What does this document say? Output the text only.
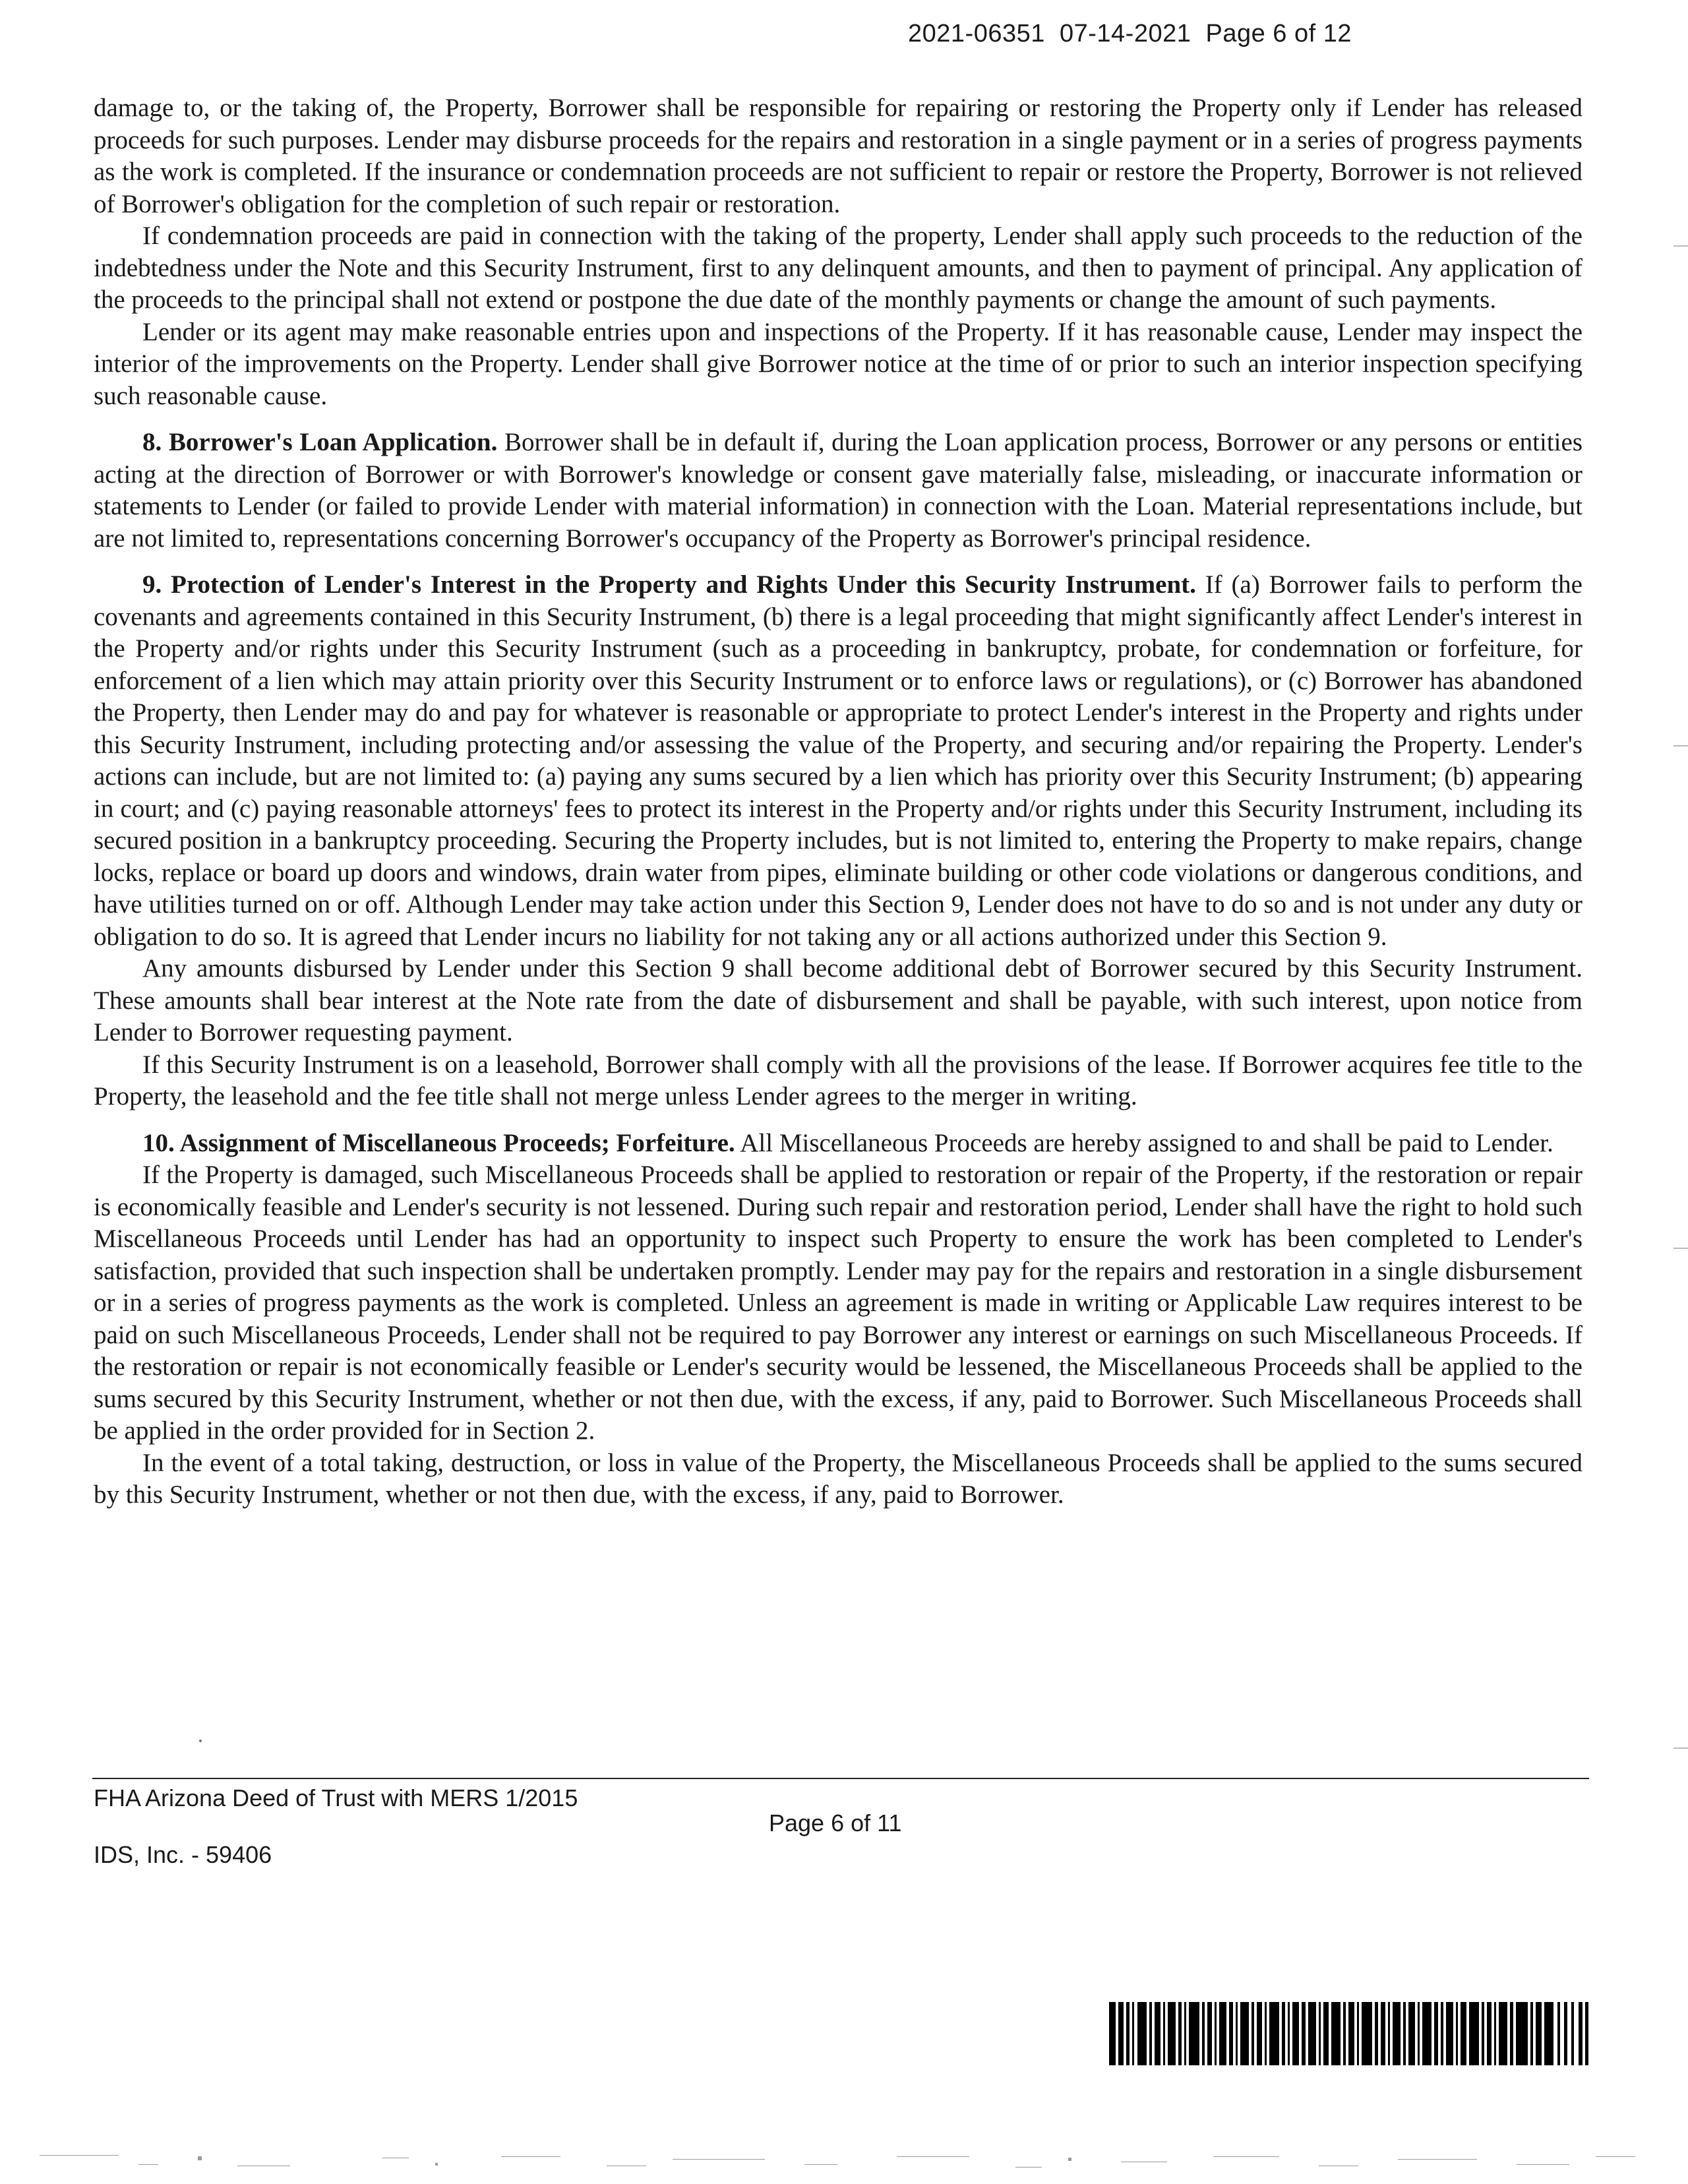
2021-06351  07-14-2021  Page 6 of 12

damage to, or the taking of, the Property, Borrower shall be responsible for repairing or restoring the Property only if Lender has released proceeds for such purposes. Lender may disburse proceeds for the repairs and restoration in a single payment or in a series of progress payments as the work is completed. If the insurance or condemnation proceeds are not sufficient to repair or restore the Property, Borrower is not relieved of Borrower's obligation for the completion of such repair or restoration.

If condemnation proceeds are paid in connection with the taking of the property, Lender shall apply such proceeds to the reduction of the indebtedness under the Note and this Security Instrument, first to any delinquent amounts, and then to payment of principal. Any application of the proceeds to the principal shall not extend or postpone the due date of the monthly payments or change the amount of such payments.

Lender or its agent may make reasonable entries upon and inspections of the Property. If it has reasonable cause, Lender may inspect the interior of the improvements on the Property. Lender shall give Borrower notice at the time of or prior to such an interior inspection specifying such reasonable cause.

8. Borrower's Loan Application. Borrower shall be in default if, during the Loan application process, Borrower or any persons or entities acting at the direction of Borrower or with Borrower's knowledge or consent gave materially false, misleading, or inaccurate information or statements to Lender (or failed to provide Lender with material information) in connection with the Loan. Material representations include, but are not limited to, representations concerning Borrower's occupancy of the Property as Borrower's principal residence.

9. Protection of Lender's Interest in the Property and Rights Under this Security Instrument. If (a) Borrower fails to perform the covenants and agreements contained in this Security Instrument, (b) there is a legal proceeding that might significantly affect Lender's interest in the Property and/or rights under this Security Instrument (such as a proceeding in bankruptcy, probate, for condemnation or forfeiture, for enforcement of a lien which may attain priority over this Security Instrument or to enforce laws or regulations), or (c) Borrower has abandoned the Property, then Lender may do and pay for whatever is reasonable or appropriate to protect Lender's interest in the Property and rights under this Security Instrument, including protecting and/or assessing the value of the Property, and securing and/or repairing the Property. Lender's actions can include, but are not limited to: (a) paying any sums secured by a lien which has priority over this Security Instrument; (b) appearing in court; and (c) paying reasonable attorneys' fees to protect its interest in the Property and/or rights under this Security Instrument, including its secured position in a bankruptcy proceeding. Securing the Property includes, but is not limited to, entering the Property to make repairs, change locks, replace or board up doors and windows, drain water from pipes, eliminate building or other code violations or dangerous conditions, and have utilities turned on or off. Although Lender may take action under this Section 9, Lender does not have to do so and is not under any duty or obligation to do so. It is agreed that Lender incurs no liability for not taking any or all actions authorized under this Section 9.

Any amounts disbursed by Lender under this Section 9 shall become additional debt of Borrower secured by this Security Instrument. These amounts shall bear interest at the Note rate from the date of disbursement and shall be payable, with such interest, upon notice from Lender to Borrower requesting payment.

If this Security Instrument is on a leasehold, Borrower shall comply with all the provisions of the lease. If Borrower acquires fee title to the Property, the leasehold and the fee title shall not merge unless Lender agrees to the merger in writing.

10. Assignment of Miscellaneous Proceeds; Forfeiture. All Miscellaneous Proceeds are hereby assigned to and shall be paid to Lender.

If the Property is damaged, such Miscellaneous Proceeds shall be applied to restoration or repair of the Property, if the restoration or repair is economically feasible and Lender's security is not lessened. During such repair and restoration period, Lender shall have the right to hold such Miscellaneous Proceeds until Lender has had an opportunity to inspect such Property to ensure the work has been completed to Lender's satisfaction, provided that such inspection shall be undertaken promptly. Lender may pay for the repairs and restoration in a single disbursement or in a series of progress payments as the work is completed. Unless an agreement is made in writing or Applicable Law requires interest to be paid on such Miscellaneous Proceeds, Lender shall not be required to pay Borrower any interest or earnings on such Miscellaneous Proceeds. If the restoration or repair is not economically feasible or Lender's security would be lessened, the Miscellaneous Proceeds shall be applied to the sums secured by this Security Instrument, whether or not then due, with the excess, if any, paid to Borrower. Such Miscellaneous Proceeds shall be applied in the order provided for in Section 2.

In the event of a total taking, destruction, or loss in value of the Property, the Miscellaneous Proceeds shall be applied to the sums secured by this Security Instrument, whether or not then due, with the excess, if any, paid to Borrower.

FHA Arizona Deed of Trust with MERS 1/2015
Page 6 of 11
IDS, Inc. - 59406
